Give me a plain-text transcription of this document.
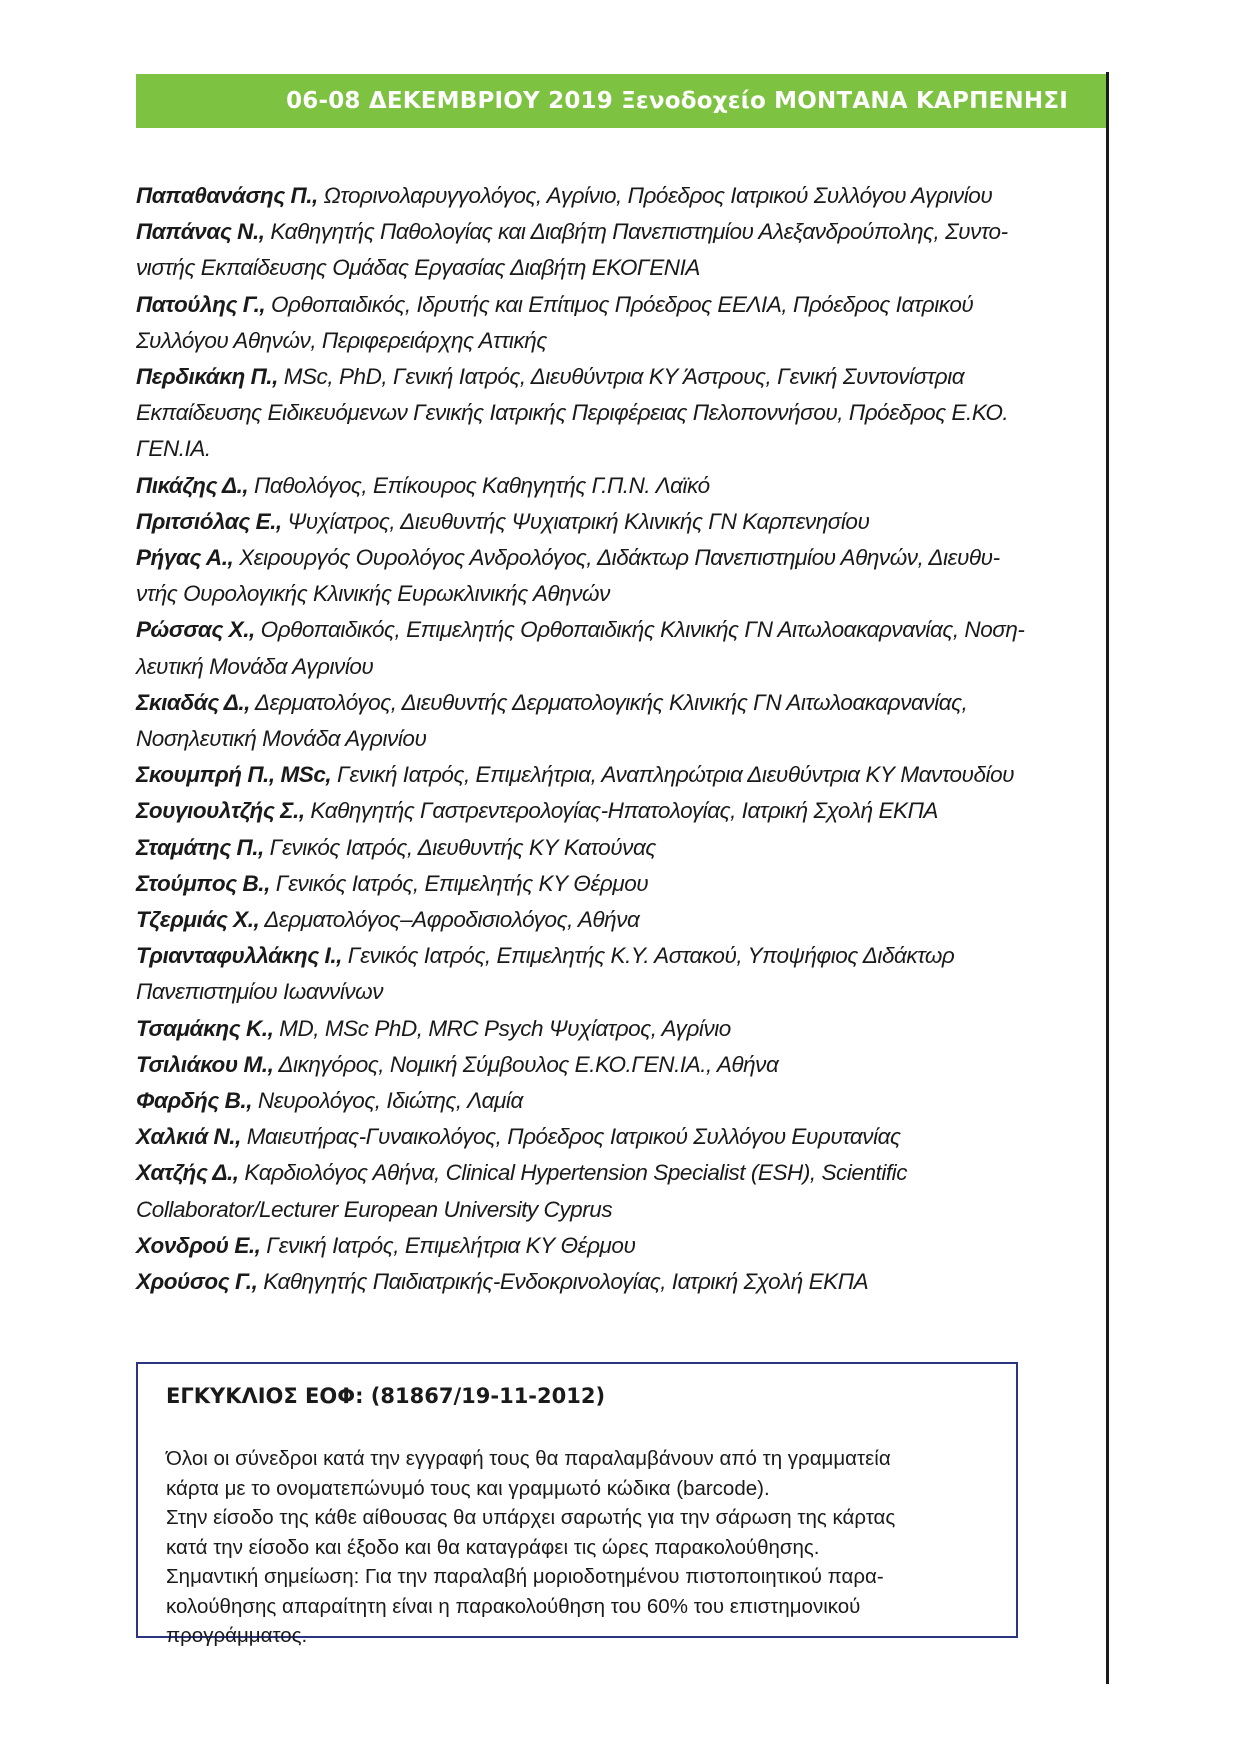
06-08 ΔΕΚΕΜΒΡΙΟΥ 2019 Ξενοδοχείο ΜΟΝΤΑΝΑ ΚΑΡΠΕΝΗΣΙ

Παπαθανάσης Π., Ωτορινολαρυγγολόγος, Αγρίνιο, Πρόεδρος Ιατρικού Συλλόγου Αγρινίου

Παπάνας Ν., Καθηγητής Παθολογίας και Διαβήτη Πανεπιστημίου Αλεξανδρούπολης, Συντο-
νιστής Εκπαίδευσης Ομάδας Εργασίας Διαβήτη ΕΚΟΓΕΝΙΑ

Πατούλης Γ., Ορθοπαιδικός, Ιδρυτής και Επίτιμος Πρόεδρος ΕΕΛΙΑ, Πρόεδρος Ιατρικού
Συλλόγου Αθηνών, Περιφερειάρχης Αττικής

Περδικάκη Π., MSc, PhD, Γενική Ιατρός, Διευθύντρια ΚΥ Άστρους, Γενική Συντονίστρια
Εκπαίδευσης Ειδικευόμενων Γενικής Ιατρικής Περιφέρειας Πελοποννήσου, Πρόεδρος Ε.ΚΟ.
ΓΕΝ.ΙΑ.

Πικάζης Δ., Παθολόγος, Επίκουρος Καθηγητής Γ.Π.Ν. Λαϊκό

Πριτσιόλας Ε., Ψυχίατρος, Διευθυντής Ψυχιατρική Κλινικής ΓΝ Καρπενησίου

Ρήγας Α., Χειρουργός Ουρολόγος Ανδρολόγος, Διδάκτωρ Πανεπιστημίου Αθηνών, Διευθυ-
ντής Ουρολογικής Κλινικής Ευρωκλινικής Αθηνών

Ρώσσας Χ., Ορθοπαιδικός, Επιμελητής Ορθοπαιδικής Κλινικής ΓΝ Αιτωλοακαρνανίας, Νοση-
λευτική Μονάδα Αγρινίου

Σκιαδάς Δ., Δερματολόγος, Διευθυντής Δερματολογικής Κλινικής ΓΝ Αιτωλοακαρνανίας,
Νοσηλευτική Μονάδα Αγρινίου

Σκουμπρή Π., MSc, Γενική Ιατρός, Επιμελήτρια, Αναπληρώτρια Διευθύντρια ΚΥ Μαντουδίου

Σουγιουλτζής Σ., Καθηγητής Γαστρεντερολογίας-Ηπατολογίας, Ιατρική Σχολή ΕΚΠΑ

Σταμάτης Π., Γενικός Ιατρός, Διευθυντής ΚΥ Κατούνας

Στούμπος Β., Γενικός Ιατρός, Επιμελητής ΚΥ Θέρμου

Τζερμιάς Χ., Δερματολόγος–Αφροδισιολόγος, Αθήνα

Τριανταφυλλάκης Ι., Γενικός Ιατρός, Επιμελητής Κ.Υ. Αστακού, Υποψήφιος Διδάκτωρ
Πανεπιστημίου Ιωαννίνων

Τσαμάκης Κ., MD, MSc PhD, MRC Psych Ψυχίατρος, Αγρίνιο

Τσιλιάκου Μ., Δικηγόρος, Νομική Σύμβουλος Ε.ΚΟ.ΓΕΝ.ΙΑ., Αθήνα

Φαρδής Β., Νευρολόγος, Ιδιώτης, Λαμία

Χαλκιά Ν., Μαιευτήρας-Γυναικολόγος, Πρόεδρος Ιατρικού Συλλόγου Ευρυτανίας

Χατζής Δ., Καρδιολόγος Αθήνα, Clinical Hypertension Specialist (ESH), Scientific
Collaborator/Lecturer European University Cyprus

Χονδρού Ε., Γενική Ιατρός, Επιμελήτρια ΚΥ Θέρμου

Χρούσος Γ., Καθηγητής Παιδιατρικής-Ενδοκρινολογίας, Ιατρική Σχολή ΕΚΠΑ

ΕΓΚΥΚΛΙΟΣ ΕΟΦ: (81867/19-11-2012)

Όλοι οι σύνεδροι κατά την εγγραφή τους θα παραλαμβάνουν από τη γραμματεία
κάρτα με το ονοματεπώνυμό τους και γραμμωτό κώδικα (barcode).
Στην είσοδο της κάθε αίθουσας θα υπάρχει σαρωτής για την σάρωση της κάρτας
κατά την είσοδο και έξοδο και θα καταγράφει τις ώρες παρακολούθησης.
Σημαντική σημείωση: Για την παραλαβή μοριοδοτημένου πιστοποιητικού παρα-
κολούθησης απαραίτητη είναι η παρακολούθηση του 60% του επιστημονικού
προγράμματος.
